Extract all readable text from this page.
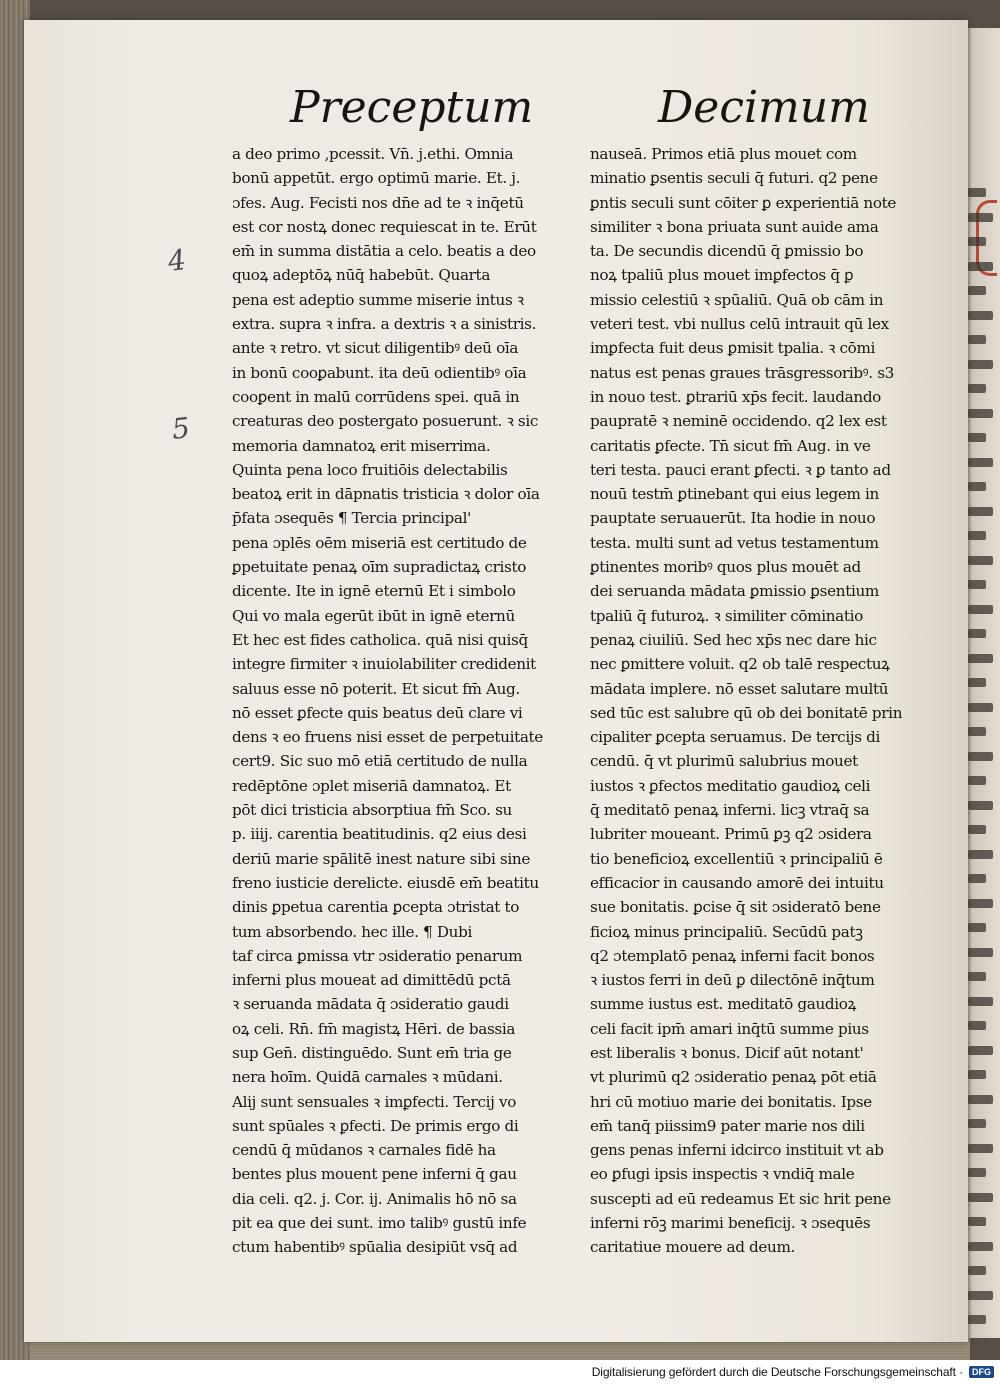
Preceptum	Decimum
4
5
a deo primo ,pcessit. Vn̄. j.ethi. Omnia
bonū appetūt. ergo optimū marie. Et. j.
ɔfes. Aug. Fecisti nos dn̄e ad te ꝛ inq̄etū
est cor nostꝝ donec requiescat in te. Erūt
em̄ in summa distātia a celo. beatis a deo
quoꝝ adeptōꝝ nūq̄ habebūt. Quarta
pena est adeptio summe miserie intus ꝛ
extra. supra ꝛ infra. a dextris ꝛ a sinistris.
ante ꝛ retro. vt sicut diligentibꝰ deū oīa
in bonū cooꝑabunt. ita deū odientibꝰ oīa
cooꝑent in malū corrūdens spei. quā in
creaturas deo postergato posuerunt. ꝛ sic
memoria damnatoꝝ erit miserrima.
Quinta pena loco fruitiōis delectabilis
beatoꝝ erit in dāpnatis tristicia ꝛ dolor oīa
p̄fata ɔsequēs ¶ Tercia principal'
pena ɔplēs oēm miseriā est certitudo de
ꝑpetuitate penaꝝ oīm supradictaꝝ cristo
dicente. Ite in ignē eternū Et i simbolo
Qui vo mala egerūt ibūt in ignē eternū
Et hec est fides catholica. quā nisi quisq̄
integre firmiter ꝛ inuiolabiliter credidenit
saluus esse nō poterit. Et sicut fm̄ Aug.
nō esset ꝑfecte quis beatus deū clare vi
dens ꝛ eo fruens nisi esset de perpetuitate
cert9. Sic suo mō etiā certitudo de nulla
redēptōne ɔplet miseriā damnatoꝝ. Et
pōt dici tristicia absorptiua fm̄ Sco. su
p. iiij. carentia beatitudinis. q2 eius desi
deriū marie spālitē inest nature sibi sine
freno iusticie derelicte. eiusdē em̄ beatitu
dinis ꝑpetua carentia ꝑcepta ɔtristat to
tum absorbendo. hec ille. ¶ Dubi
taf circa ꝑmissa vtr ɔsideratio penarum
inferni plus moueat ad dimittēdū pctā
ꝛ seruanda mādata q̄ ɔsideratio gaudi
oꝝ celi. Rn̄. fm̄ magistꝝ Hēri. de bassia
sup Gen̄. distinguēdo. Sunt em̄ tria ge
nera hoīm. Quidā carnales ꝛ mūdani.
Alij sunt sensuales ꝛ imꝑfecti. Tercij vo
sunt spūales ꝛ ꝑfecti. De primis ergo di
cendū q̄ mūdanos ꝛ carnales fidē ha
bentes plus mouent pene inferni q̄ gau
dia celi. q2. j. Cor. ij. Animalis hō nō sa
pit ea que dei sunt. imo talibꝰ gustū infe
ctum habentibꝰ spūalia desipiūt vsq̄ ad
nauseā. Primos etiā plus mouet com
minatio ꝑsentis seculi q̄ futuri. q2 pene
ꝑntis seculi sunt cōiter ꝑ experientiā note
similiter ꝛ bona priuata sunt auide ama
ta. De secundis dicendū q̄ ꝑmissio bo
noꝝ tpaliū plus mouet imꝑfectos q̄ ꝑ
missio celestiū ꝛ spūaliū. Quā ob cām in
veteri test. vbi nullus celū intrauit qū lex
imꝑfecta fuit deus ꝑmisit tpalia. ꝛ cōmi
natus est penas graues trāsgressoribꝰ. s3
in nouo test. ꝑtrariū xp̄s fecit. laudando
paupratē ꝛ neminē occidendo. q2 lex est
caritatis ꝑfecte. Tn̄ sicut fm̄ Aug. in ve
teri testa. pauci erant ꝑfecti. ꝛ ꝑ tanto ad
nouū testm̄ ꝑtinebant qui eius legem in
pauptate seruauerūt. Ita hodie in nouo
testa. multi sunt ad vetus testamentum
ꝑtinentes moribꝰ quos plus mouēt ad
dei seruanda mādata ꝑmissio ꝑsentium
tpaliū q̄ futuroꝝ. ꝛ similiter cōminatio
penaꝝ ciuiliū. Sed hec xp̄s nec dare hic
nec ꝑmittere voluit. q2 ob talē respectuꝝ
mādata implere. nō esset salutare multū
sed tūc est salubre qū ob dei bonitatē prin
cipaliter ꝑcepta seruamus. De tercijs di
cendū. q̄ vt plurimū salubrius mouet
iustos ꝛ ꝑfectos meditatio gaudioꝝ celi
q̄ meditatō penaꝝ inferni. licꝫ vtraq̄ sa
lubriter moueant. Primū ꝑꝫ q2 ɔsidera
tio beneficioꝝ excellentiū ꝛ principaliū ē
efficacior in causando amorē dei intuitu
sue bonitatis. ꝑcise q̄ sit ɔsideratō bene
ficioꝝ minus principaliū. Secūdū patꝫ
q2 ɔtemplatō penaꝝ inferni facit bonos
ꝛ iustos ferri in deū ꝑ dilectōnē inq̄tum
summe iustus est. meditatō gaudioꝝ
celi facit ipm̄ amari inq̄tū summe pius
est liberalis ꝛ bonus. Dicif aūt notant'
vt plurimū q2 ɔsideratio penaꝝ pōt etiā
hri cū motiuo marie dei bonitatis. Ipse
em̄ tanq̄ piissim9 pater marie nos dili
gens penas inferni idcirco instituit vt ab
eo ꝑfugi ipsis inspectis ꝛ vndiq̄ male
suscepti ad eū redeamus Et sic hrit pene
inferni rōꝫ marimi beneficij. ꝛ ɔsequēs
caritatiue mouere ad deum.
Digitalisierung gefördert durch die Deutsche Forschungsgemeinschaft ·	DFG
